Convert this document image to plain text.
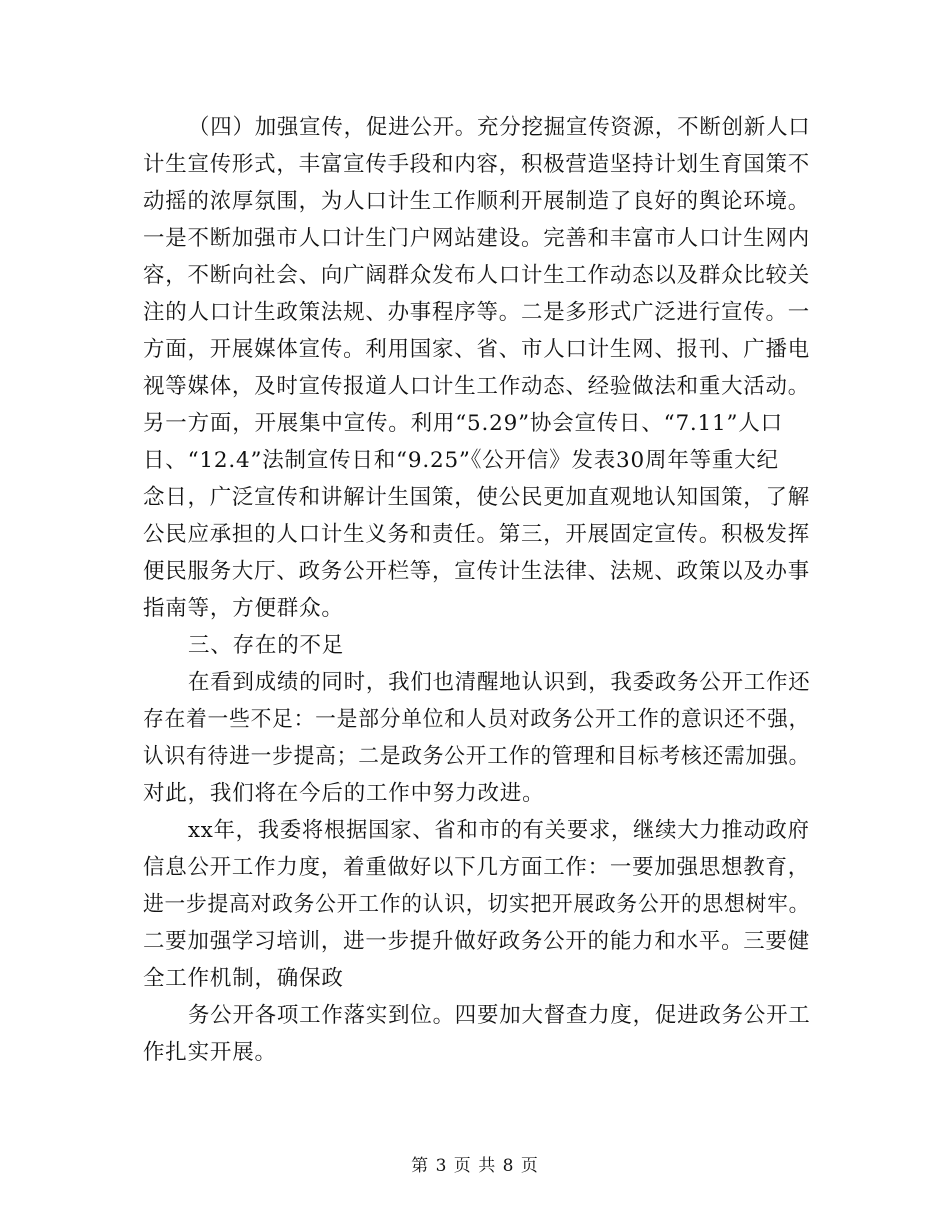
（四）加强宣传，促进公开。充分挖掘宣传资源，不断创新人口
计生宣传形式，丰富宣传手段和内容，积极营造坚持计划生育国策不
动摇的浓厚氛围，为人口计生工作顺利开展制造了良好的舆论环境。
一是不断加强市人口计生门户网站建设。完善和丰富市人口计生网内
容，不断向社会、向广阔群众发布人口计生工作动态以及群众比较关
注的人口计生政策法规、办事程序等。二是多形式广泛进行宣传。一
方面，开展媒体宣传。利用国家、省、市人口计生网、报刊、广播电
视等媒体，及时宣传报道人口计生工作动态、经验做法和重大活动。
另一方面，开展集中宣传。利用“5.29”协会宣传日、“7.11”人口
日、“12.4”法制宣传日和“9.25”《公开信》发表30周年等重大纪
念日，广泛宣传和讲解计生国策，使公民更加直观地认知国策，了解
公民应承担的人口计生义务和责任。第三，开展固定宣传。积极发挥
便民服务大厅、政务公开栏等，宣传计生法律、法规、政策以及办事
指南等，方便群众。
三、存在的不足
在看到成绩的同时，我们也清醒地认识到，我委政务公开工作还
存在着一些不足：一是部分单位和人员对政务公开工作的意识还不强，
认识有待进一步提高；二是政务公开工作的管理和目标考核还需加强。
对此，我们将在今后的工作中努力改进。
xx年，我委将根据国家、省和市的有关要求，继续大力推动政府
信息公开工作力度，着重做好以下几方面工作：一要加强思想教育，
进一步提高对政务公开工作的认识，切实把开展政务公开的思想树牢。
二要加强学习培训，进一步提升做好政务公开的能力和水平。三要健
全工作机制，确保政
务公开各项工作落实到位。四要加大督查力度，促进政务公开工
作扎实开展。
第 3 页 共 8 页
